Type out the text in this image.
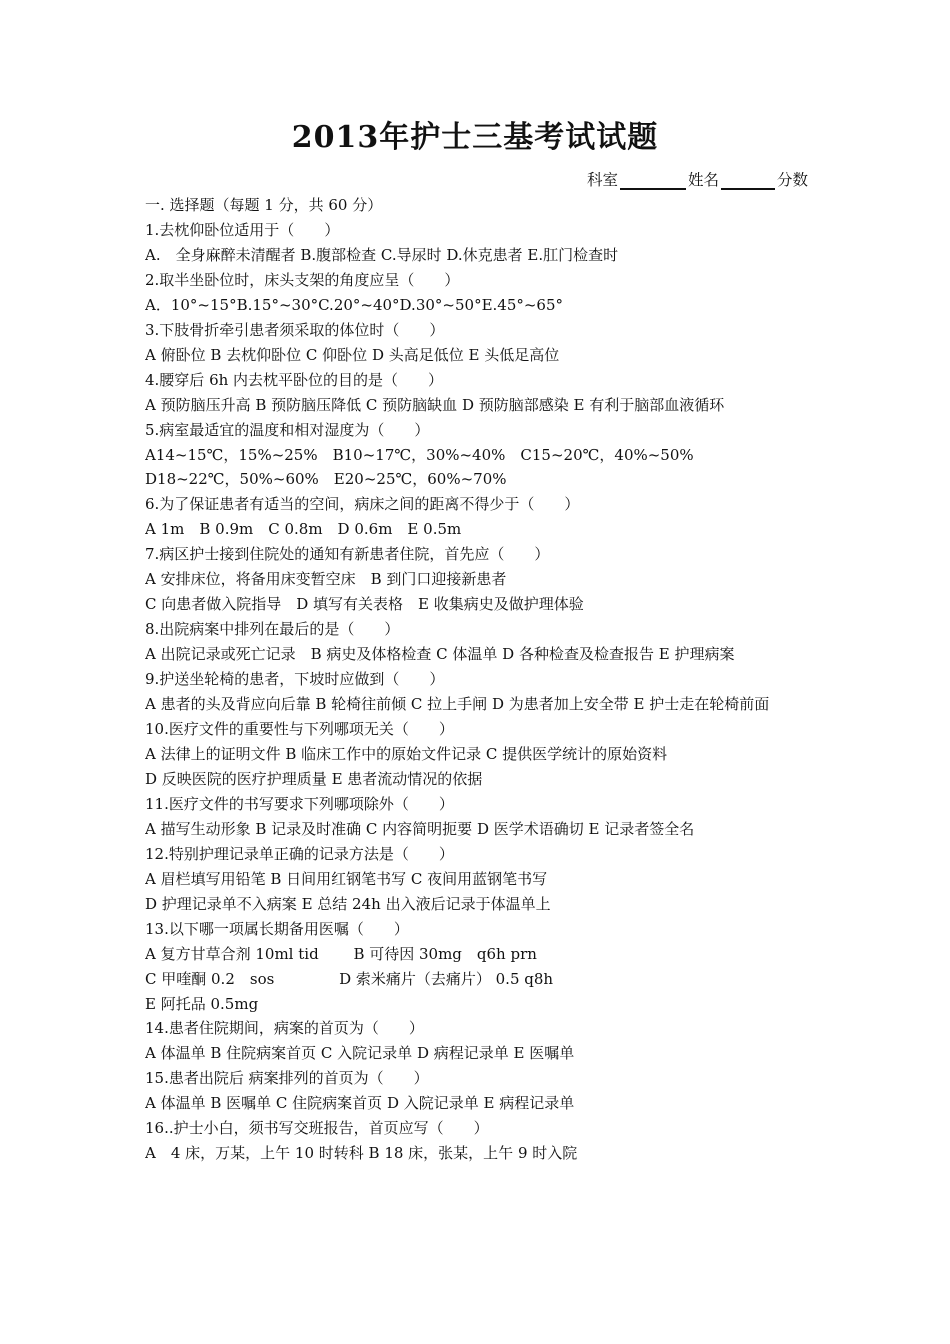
2013年护士三基考试试题
科室	姓名	分数
一. 选择题（每题 1 分，共 60 分）
1.去枕仰卧位适用于（　　）
A.　全身麻醉未清醒者 B.腹部检查 C.导尿时 D.休克患者 E.肛门检查时
2.取半坐卧位时，床头支架的角度应呈（　　）
A．10°~15°B.15°~30°C.20°~40°D.30°~50°E.45°~65°
3.下肢骨折牵引患者须采取的体位时（　　）
A 俯卧位 B 去枕仰卧位 C 仰卧位 D 头高足低位 E 头低足高位
4.腰穿后 6h 内去枕平卧位的目的是（　　）
A 预防脑压升高 B 预防脑压降低 C 预防脑缺血 D 预防脑部感染 E 有利于脑部血液循环
5.病室最适宜的温度和相对湿度为（　　）
A14~15℃，15%~25%　B10~17℃，30%~40%　C15~20℃，40%~50%
D18~22℃，50%~60%　E20~25℃，60%~70%
6.为了保证患者有适当的空间，病床之间的距离不得少于（　　）
A 1m　B 0.9m　C 0.8m　D 0.6m　E 0.5m
7.病区护士接到住院处的通知有新患者住院，首先应（　　）
A 安排床位，将备用床变暂空床　B 到门口迎接新患者
C 向患者做入院指导　D 填写有关表格　E 收集病史及做护理体验
8.出院病案中排列在最后的是（　　）
A 出院记录或死亡记录　B 病史及体格检查 C 体温单 D 各种检查及检查报告 E 护理病案
9.护送坐轮椅的患者，下坡时应做到（　　）
A 患者的头及背应向后靠 B 轮椅往前倾 C 拉上手闸 D 为患者加上安全带 E 护士走在轮椅前面
10.医疗文件的重要性与下列哪项无关（　　）
A 法律上的证明文件 B 临床工作中的原始文件记录 C 提供医学统计的原始资料
D 反映医院的医疗护理质量 E 患者流动情况的依据
11.医疗文件的书写要求下列哪项除外（　　）
A 描写生动形象 B 记录及时准确 C 内容简明扼要 D 医学术语确切 E 记录者签全名
12.特别护理记录单正确的记录方法是（　　）
A 眉栏填写用铅笔 B 日间用红钢笔书写 C 夜间用蓝钢笔书写
D 护理记录单不入病案 E 总结 24h 出入液后记录于体温单上
13.以下哪一项属长期备用医嘱（　　）
A 复方甘草合剂 10ml tid　　 B 可待因 30mg　q6h prn
C 甲喹酮 0.2　sos　　　　 D 索米痛片（去痛片） 0.5 q8h
E 阿托品 0.5mg
14.患者住院期间，病案的首页为（　　）
A 体温单 B 住院病案首页 C 入院记录单 D 病程记录单 E 医嘱单
15.患者出院后 病案排列的首页为（　　）
A 体温单 B 医嘱单 C 住院病案首页 D 入院记录单 E 病程记录单
16..护士小白，须书写交班报告，首页应写（　　）
A　4 床，万某，上午 10 时转科 B 18 床，张某，上午 9 时入院
